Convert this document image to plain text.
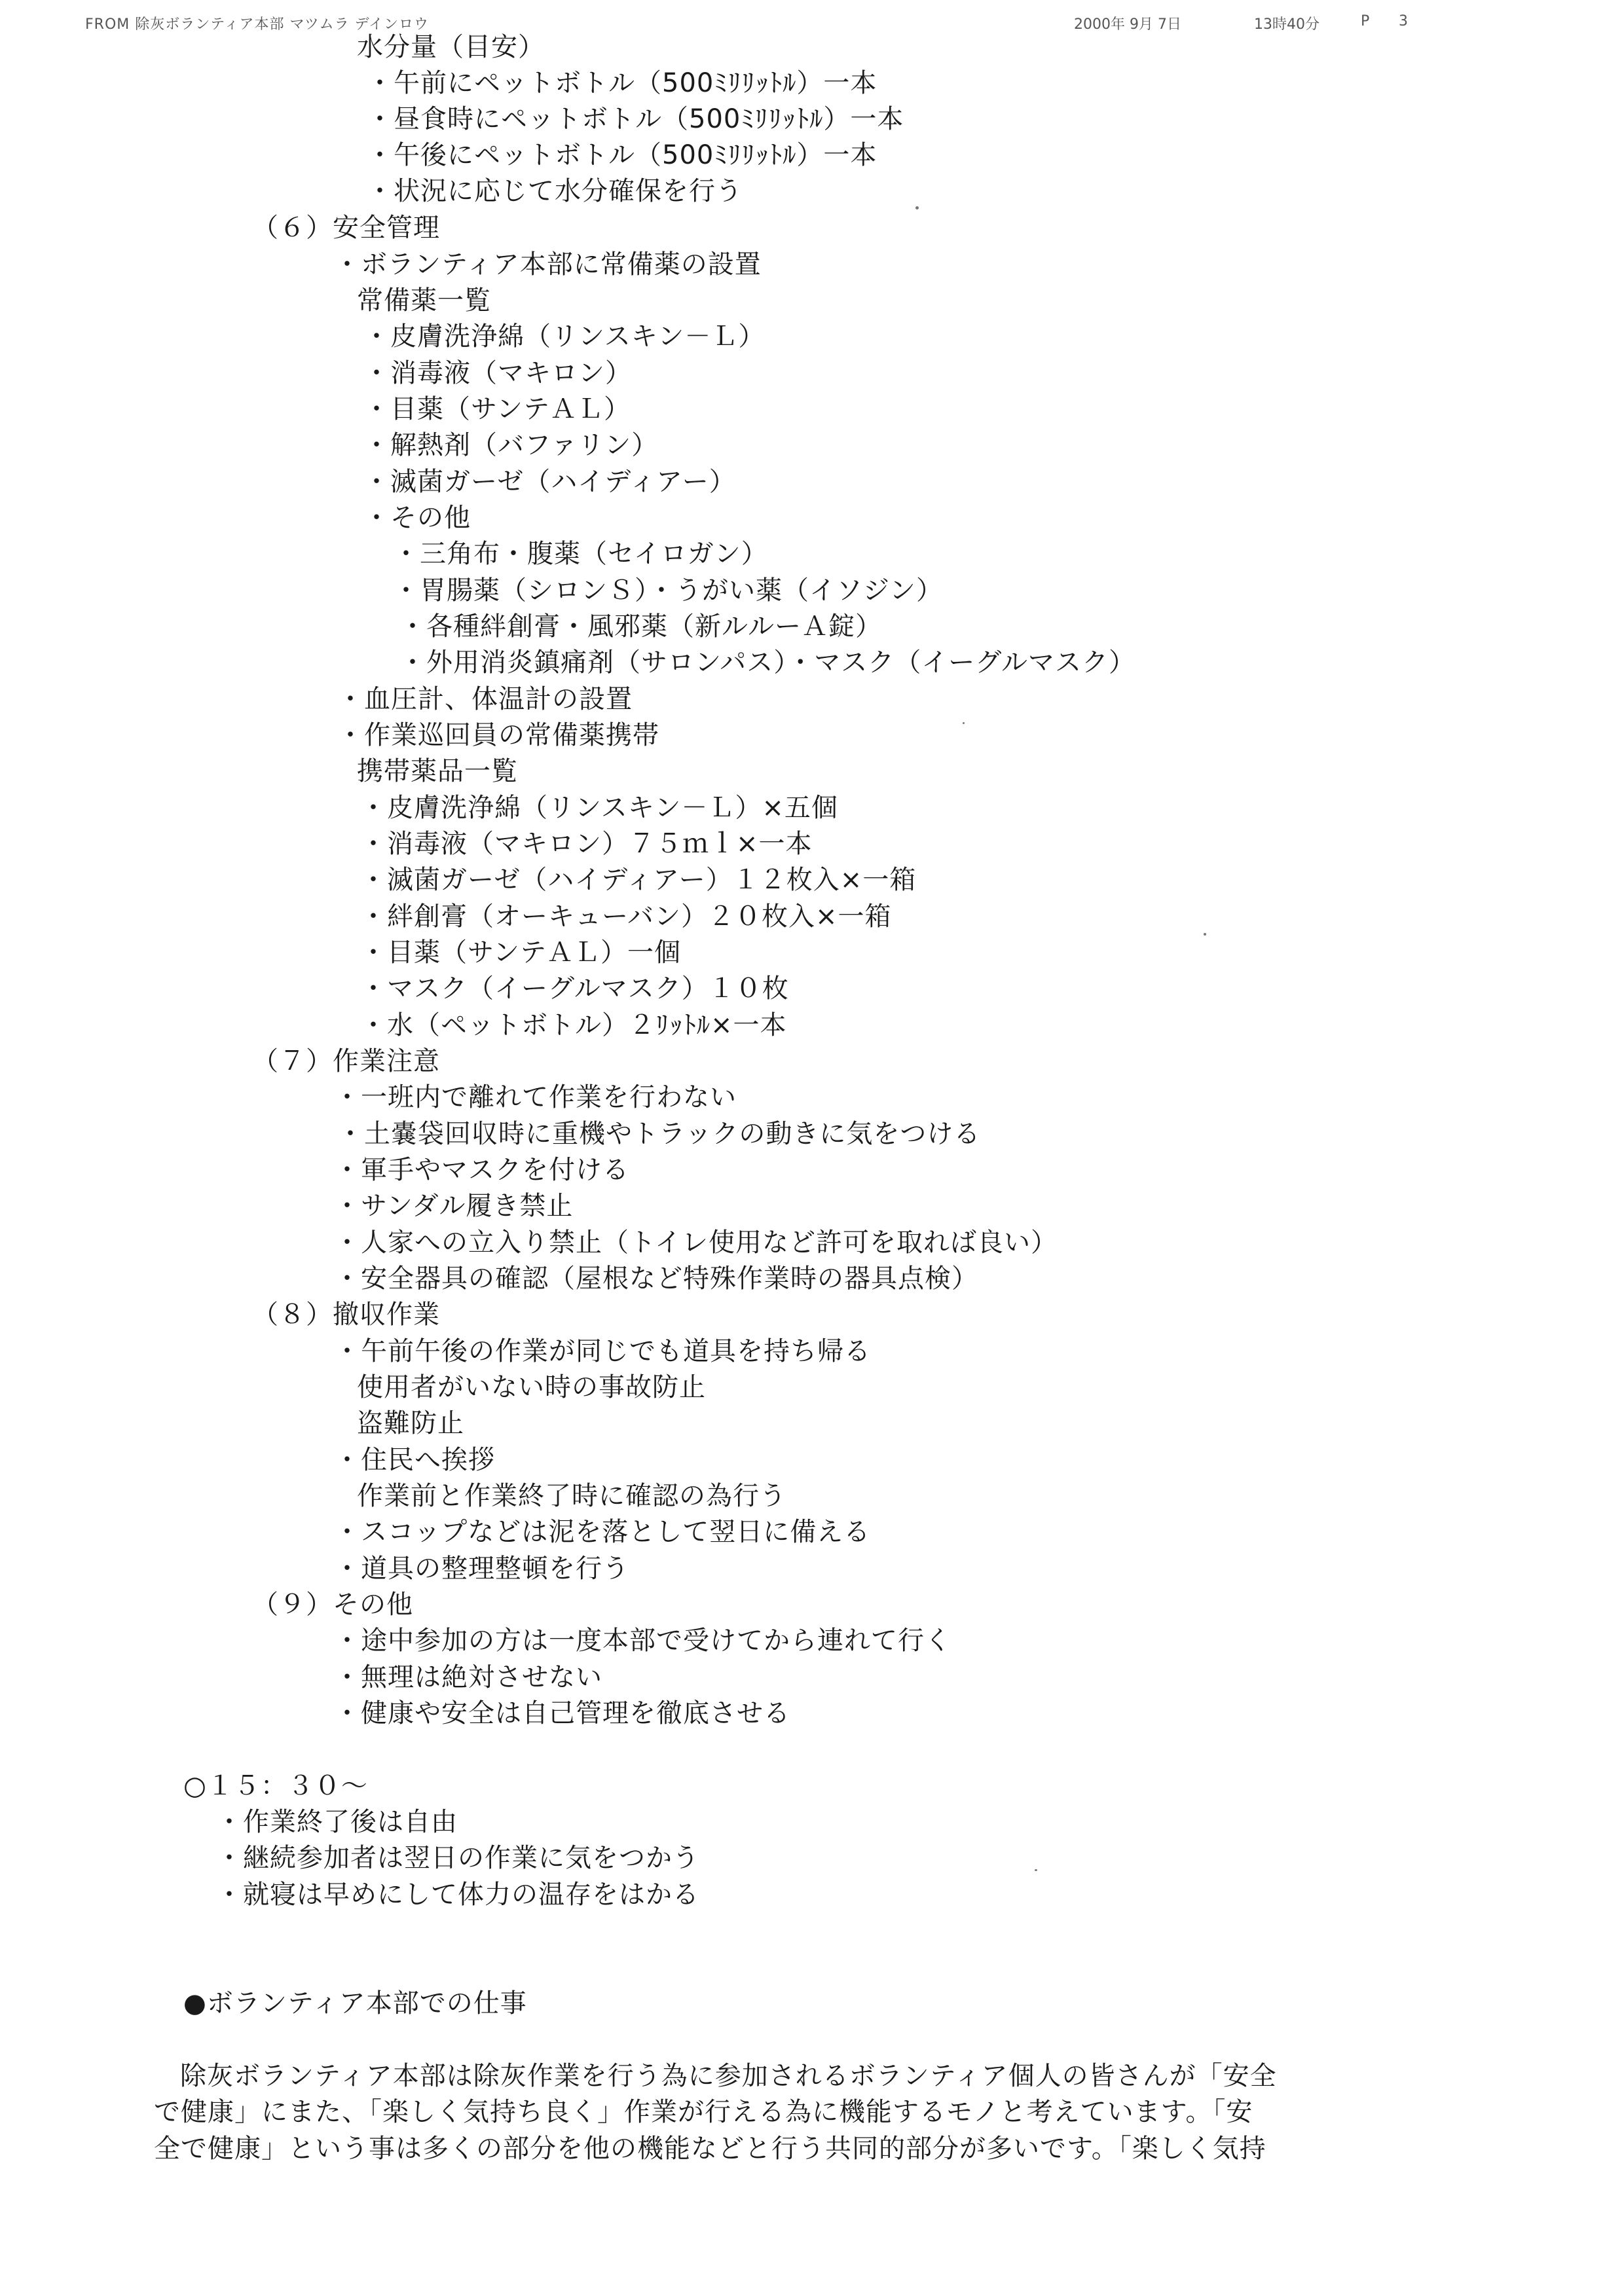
FROM 除灰ボランティア本部 マツムラ デインロウ	2000年 9月 7日	13時40分	P 3
水分量（目安）
・午前にペットボトル（500ﾐﾘﾘｯﾄﾙ）一本
・昼食時にペットボトル（500ﾐﾘﾘｯﾄﾙ）一本
・午後にペットボトル（500ﾐﾘﾘｯﾄﾙ）一本
・状況に応じて水分確保を行う
（６）安全管理
・ボランティア本部に常備薬の設置
常備薬一覧
・皮膚洗浄綿（リンスキン－Ｌ）
・消毒液（マキロン）
・目薬（サンテＡＬ）
・解熱剤（バファリン）
・滅菌ガーゼ（ハイディアー）
・その他
・三角布・腹薬（セイロガン）
・胃腸薬（シロンＳ）・うがい薬（イソジン）
・各種絆創膏・風邪薬（新ルルーＡ錠）
・外用消炎鎮痛剤（サロンパス）・マスク（イーグルマスク）
・血圧計、体温計の設置
・作業巡回員の常備薬携帯
携帯薬品一覧
・皮膚洗浄綿（リンスキン－Ｌ）×五個
・消毒液（マキロン）７５ｍｌ×一本
・滅菌ガーゼ（ハイディアー）１２枚入×一箱
・絆創膏（オーキューバン）２０枚入×一箱
・目薬（サンテＡＬ）一個
・マスク（イーグルマスク）１０枚
・水（ペットボトル）２ﾘｯﾄﾙ×一本
（７）作業注意
・一班内で離れて作業を行わない
・土嚢袋回収時に重機やトラックの動きに気をつける
・軍手やマスクを付ける
・サンダル履き禁止
・人家への立入り禁止（トイレ使用など許可を取れば良い）
・安全器具の確認（屋根など特殊作業時の器具点検）
（８）撤収作業
・午前午後の作業が同じでも道具を持ち帰る
使用者がいない時の事故防止
盗難防止
・住民へ挨拶
作業前と作業終了時に確認の為行う
・スコップなどは泥を落として翌日に備える
・道具の整理整頓を行う
（９）その他
・途中参加の方は一度本部で受けてから連れて行く
・無理は絶対させない
・健康や安全は自己管理を徹底させる
○１５：３０～
・作業終了後は自由
・継続参加者は翌日の作業に気をつかう
・就寝は早めにして体力の温存をはかる
●ボランティア本部での仕事
除灰ボランティア本部は除灰作業を行う為に参加されるボランティア個人の皆さんが「安全
で健康」にまた、「楽しく気持ち良く」作業が行える為に機能するモノと考えています。「安
全で健康」という事は多くの部分を他の機能などと行う共同的部分が多いです。「楽しく気持
